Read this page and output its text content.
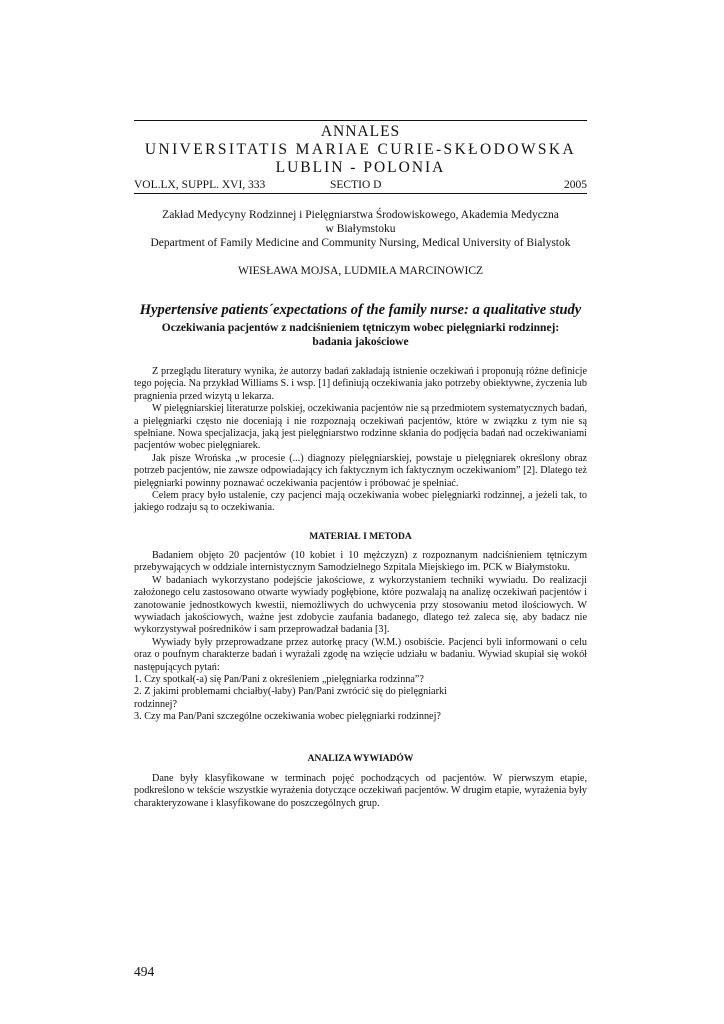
ANNALES
UNIVERSITATIS MARIAE CURIE-SKŁODOWSKA
LUBLIN - POLONIA
VOL.LX, SUPPL. XVI, 333	SECTIO D	2005
Zakład Medycyny Rodzinnej i Pielęgniarstwa Środowiskowego, Akademia Medyczna
w Białymstoku
Department of Family Medicine and Community Nursing, Medical University of Bialystok
WIESŁAWA MOJSA, LUDMIŁA MARCINOWICZ
Hypertensive patients´expectations of the family nurse: a qualitative study
Oczekiwania pacjentów z nadciśnieniem tętniczym wobec pielęgniarki rodzinnej:
badania jakościowe

Z przeglądu literatury wynika, że autorzy badań zakładają istnienie oczekiwań i proponują różne definicje tego pojęcia. Na przykład Williams S. i wsp. [1] definiują oczekiwania jako potrzeby obiektywne, życzenia lub pragnienia przed wizytą u lekarza.

W pielęgniarskiej literaturze polskiej, oczekiwania pacjentów nie są przedmiotem systematycznych badań, a pielęgniarki często nie doceniają i nie rozpoznają oczekiwań pacjentów, które w związku z tym nie są spełniane. Nowa specjalizacja, jaką jest pielęgniarstwo rodzinne skłania do podjęcia badań nad oczekiwaniami pacjentów wobec pielęgniarek.

Jak pisze Wrońska „w procesie (...) diagnozy pielęgniarskiej, powstaje u pielęgniarek określony obraz potrzeb pacjentów, nie zawsze odpowiadający ich faktycznym ich faktycznym oczekiwaniom” [2]. Dlatego też pielęgniarki powinny poznawać oczekiwania pacjentów i próbować je spełniać.

Celem pracy było ustalenie, czy pacjenci mają oczekiwania wobec pielęgniarki rodzinnej, a jeżeli tak, to jakiego rodzaju są to oczekiwania.

MATERIAŁ I METODA

Badaniem objęto 20 pacjentów (10 kobiet i 10 mężczyzn) z rozpoznanym nadciśnieniem tętniczym przebywających w oddziale internistycznym Samodzielnego Szpitala Miejskiego im. PCK w Białymstoku.

W badaniach wykorzystano podejście jakościowe, z wykorzystaniem techniki wywiadu. Do realizacji założonego celu zastosowano otwarte wywiady pogłębione, które pozwalają na analizę oczekiwań pacjentów i zanotowanie jednostkowych kwestii, niemożliwych do uchwycenia przy stosowaniu metod ilościowych. W wywiadach jakościowych, ważne jest zdobycie zaufania badanego, dlatego też zaleca się, aby badacz nie wykorzystywał pośredników i sam przeprowadzał badania [3].

Wywiady były przeprowadzane przez autorkę pracy (W.M.) osobiście. Pacjenci byli informowani o celu oraz o poufnym charakterze badań i wyrażali zgodę na wzięcie udziału w badaniu. Wywiad skupiał się wokół następujących pytań:

1. Czy spotkał(-a) się Pan/Pani z określeniem „pielęgniarka rodzinna”?
2. Z jakimi problemami chciałby(-łaby) Pan/Pani zwrócić się do pielęgniarki
rodzinnej?
3. Czy ma Pan/Pani szczególne oczekiwania wobec pielęgniarki rodzinnej?
ANALIZA WYWIADÓW

Dane były klasyfikowane w terminach pojęć pochodzących od pacjentów. W pierwszym etapie, podkreślono w tekście wszystkie wyrażenia dotyczące oczekiwań pacjentów. W drugim etapie, wyrażenia były charakteryzowane i klasyfikowane do poszczególnych grup.

494
